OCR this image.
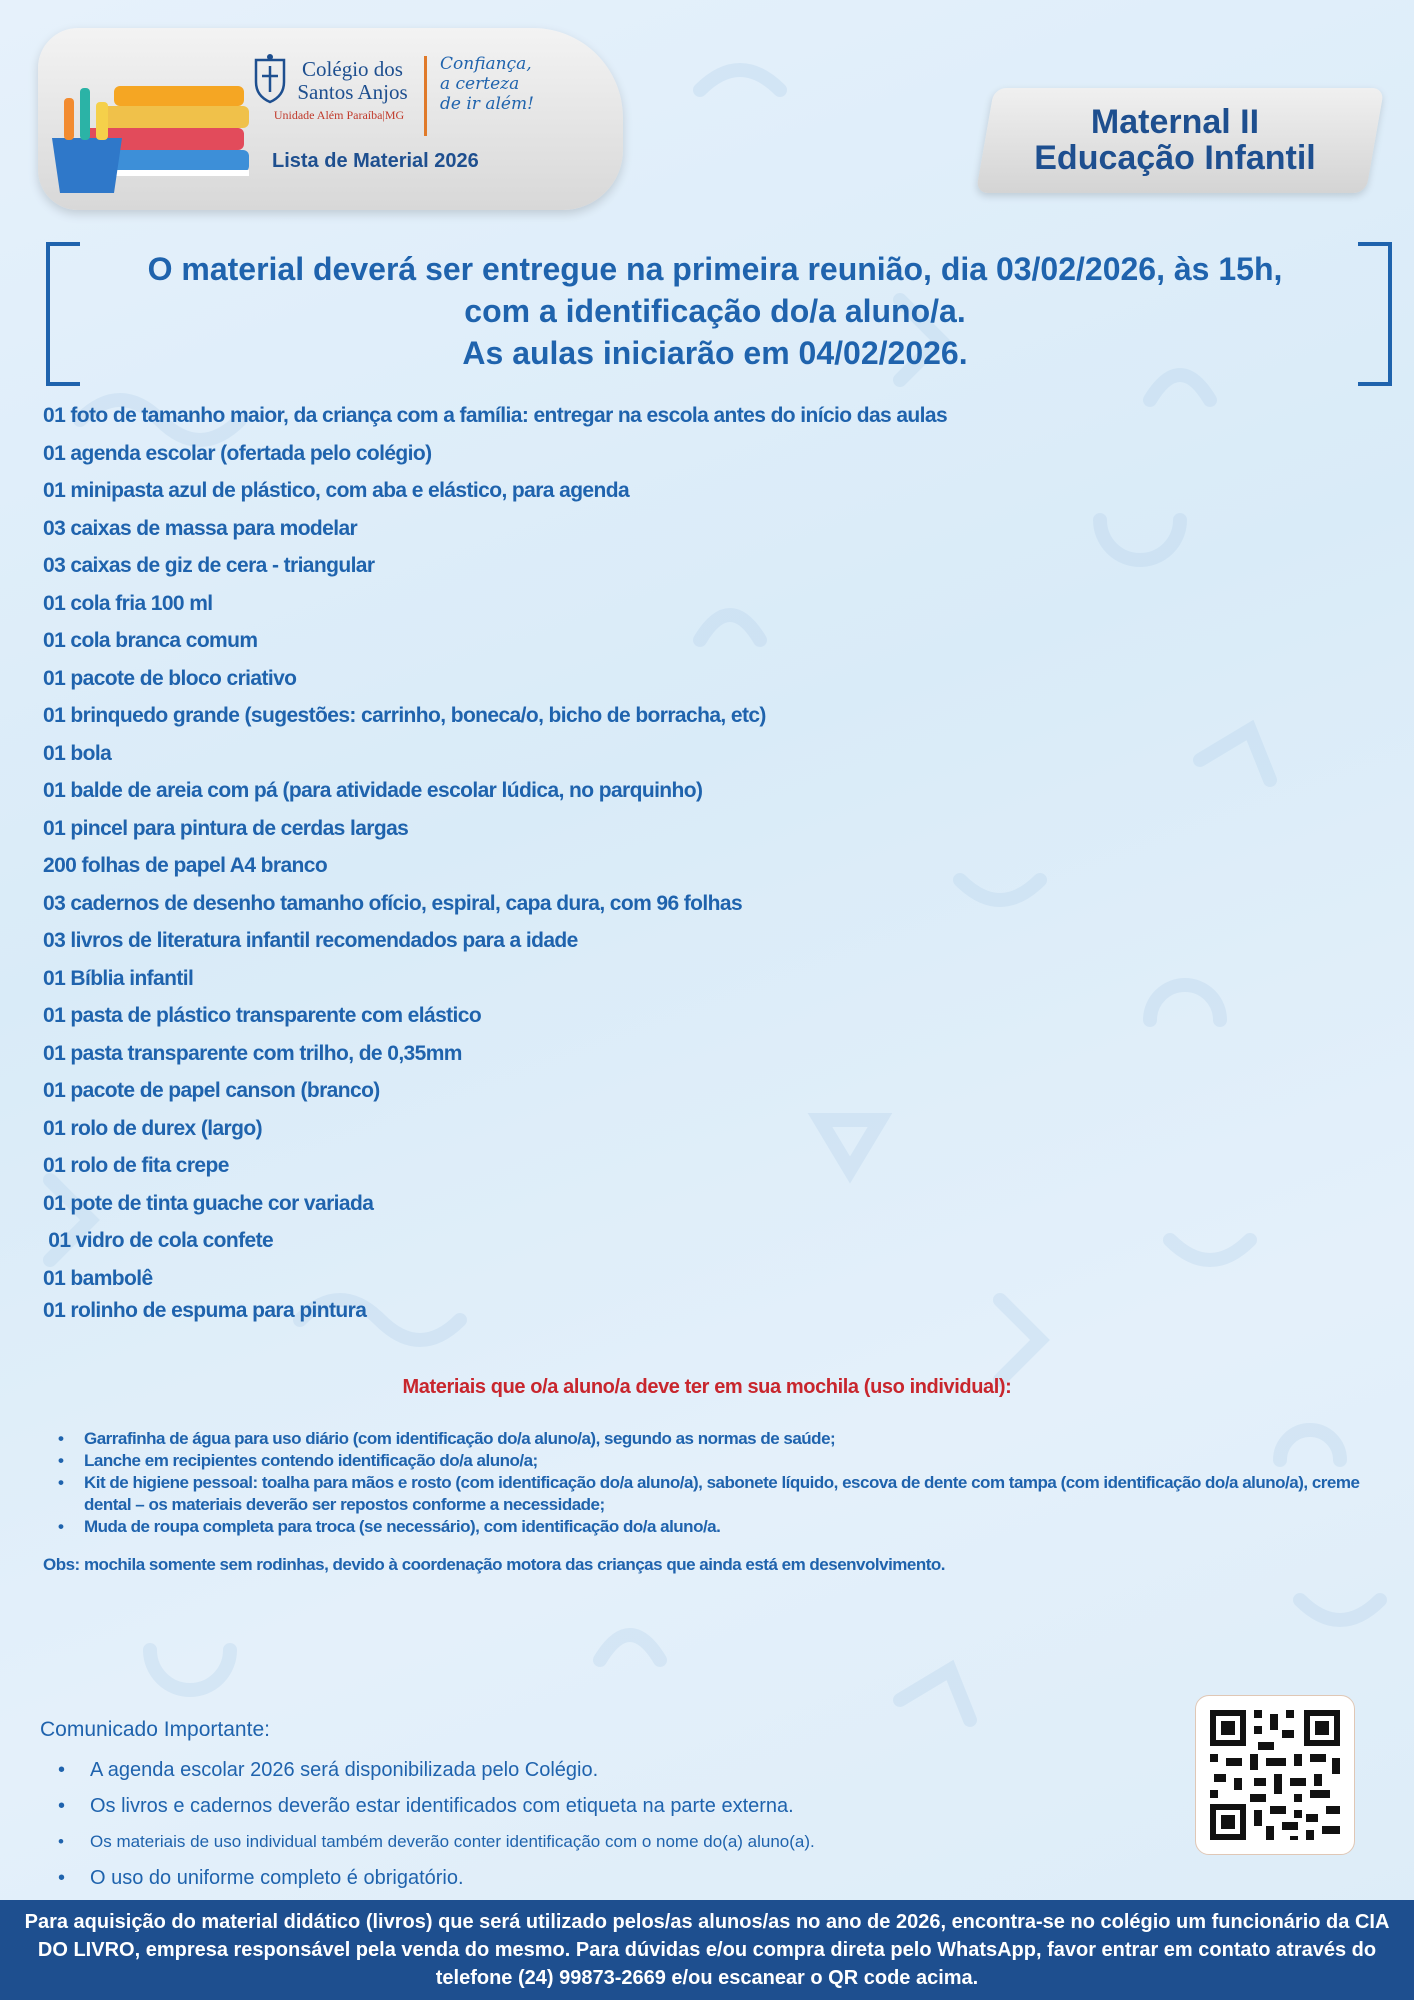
Colégio dos Santos Anjos
Unidade Além Paraíba|MG
Confiança, a certeza de ir além!
Lista de Material 2026
Maternal II
Educação Infantil
O material deverá ser entregue na primeira reunião, dia 03/02/2026, às 15h,
com a identificação do/a aluno/a.
As aulas iniciarão em 04/02/2026.
01 foto de tamanho maior, da criança com a família: entregar na escola antes do início das aulas
01 agenda escolar (ofertada pelo colégio)
01 minipasta azul de plástico, com aba e elástico, para agenda
03 caixas de massa para modelar
03 caixas de giz de cera - triangular
01 cola fria 100 ml
01 cola branca comum
01 pacote de bloco criativo
01 brinquedo grande (sugestões: carrinho, boneca/o, bicho de borracha, etc)
01 bola
01 balde de areia com pá (para atividade escolar lúdica, no parquinho)
01 pincel para pintura de cerdas largas
200 folhas de papel A4 branco
03 cadernos de desenho tamanho ofício, espiral, capa dura, com 96 folhas
03 livros de literatura infantil recomendados para a idade
01 Bíblia infantil
01 pasta de plástico transparente com elástico
01 pasta transparente com trilho, de 0,35mm
01 pacote de papel canson (branco)
01 rolo de durex (largo)
01 rolo de fita crepe
01 pote de tinta guache cor variada
01 vidro de cola confete
01 bambolê
01 rolinho de espuma para pintura
Materiais que o/a aluno/a deve ter em sua mochila (uso individual):
• Garrafinha de água para uso diário (com identificação do/a aluno/a), segundo as normas de saúde;
• Lanche em recipientes contendo identificação do/a aluno/a;
• Kit de higiene pessoal: toalha para mãos e rosto (com identificação do/a aluno/a), sabonete líquido, escova de dente com tampa (com identificação do/a aluno/a), creme dental – os materiais deverão ser repostos conforme a necessidade;
• Muda de roupa completa para troca (se necessário), com identificação do/a aluno/a.
Obs: mochila somente sem rodinhas, devido à coordenação motora das crianças que ainda está em desenvolvimento.
Comunicado Importante:
• A agenda escolar 2026 será disponibilizada pelo Colégio.
• Os livros e cadernos deverão estar identificados com etiqueta na parte externa.
• Os materiais de uso individual também deverão conter identificação com o nome do(a) aluno(a).
• O uso do uniforme completo é obrigatório.
Para aquisição do material didático (livros) que será utilizado pelos/as alunos/as no ano de 2026, encontra-se no colégio um funcionário da CIA DO LIVRO, empresa responsável pela venda do mesmo. Para dúvidas e/ou compra direta pelo WhatsApp, favor entrar em contato através do telefone (24) 99873-2669 e/ou escanear o QR code acima.
